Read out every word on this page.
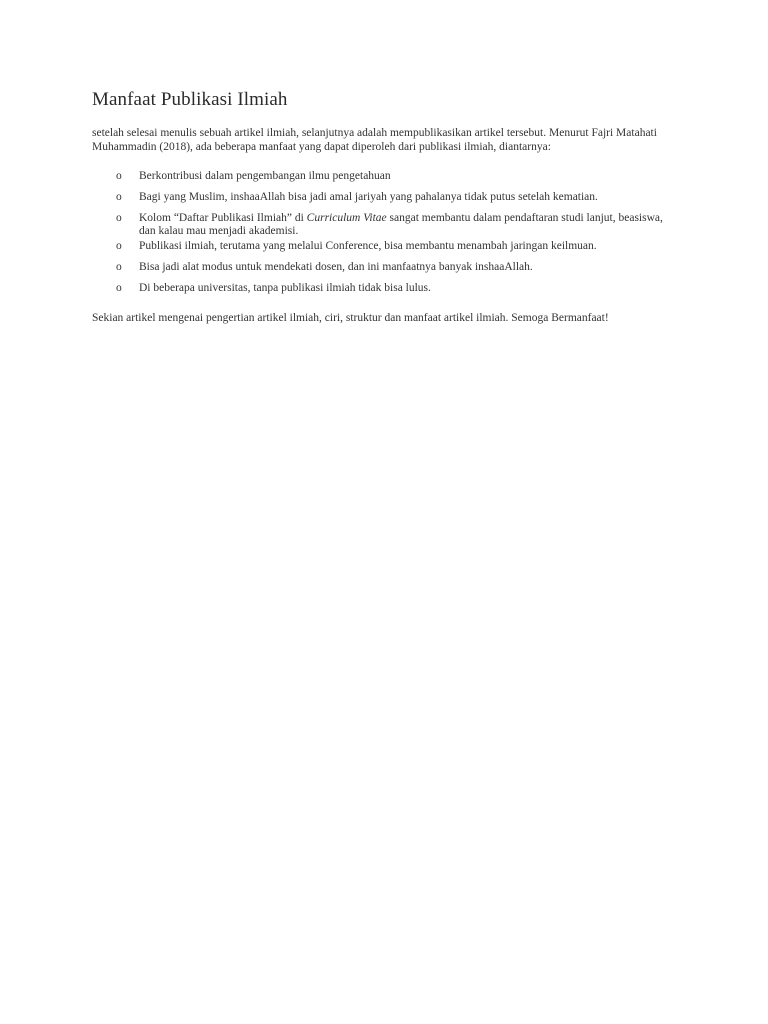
Manfaat Publikasi Ilmiah

setelah selesai menulis sebuah artikel ilmiah, selanjutnya adalah mempublikasikan artikel tersebut. Menurut Fajri Matahati Muhammadin (2018), ada beberapa manfaat yang dapat diperoleh dari publikasi ilmiah, diantarnya:

o	Berkontribusi dalam pengembangan ilmu pengetahuan
o	Bagi yang Muslim, inshaaAllah bisa jadi amal jariyah yang pahalanya tidak putus setelah kematian.
o	Kolom “Daftar Publikasi Ilmiah” di Curriculum Vitae sangat membantu dalam pendaftaran studi lanjut, beasiswa, dan kalau mau menjadi akademisi.
o	Publikasi ilmiah, terutama yang melalui Conference, bisa membantu menambah jaringan keilmuan.
o	Bisa jadi alat modus untuk mendekati dosen, dan ini manfaatnya banyak inshaaAllah.
o	Di beberapa universitas, tanpa publikasi ilmiah tidak bisa lulus.

Sekian artikel mengenai pengertian artikel ilmiah, ciri, struktur dan manfaat artikel ilmiah. Semoga Bermanfaat!
